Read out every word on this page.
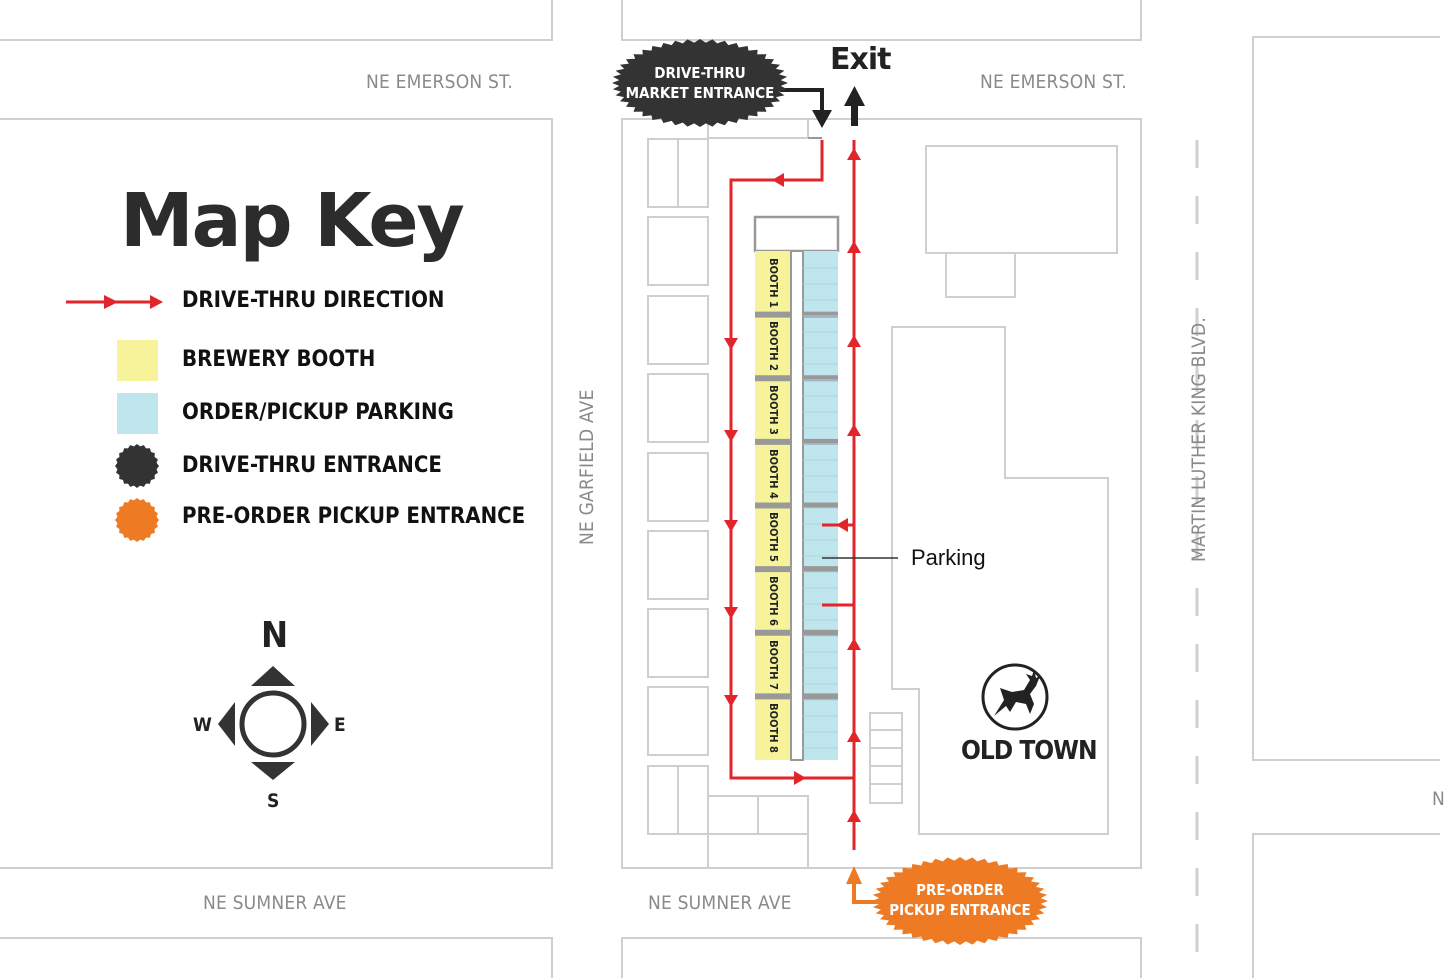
NE EMERSON ST.	NE EMERSON ST.
NE GARFIELD AVE	MARTIN LUTHER KING BLVD.
NE SUMNER AVE	NE SUMNER AVE
N
Exit
Parking
DRIVE-THRU
MARKET ENTRANCE
PRE-ORDER
PICKUP ENTRANCE
BOOTH 1
BOOTH 2
BOOTH 3
BOOTH 4
BOOTH 5
BOOTH 6
BOOTH 7
BOOTH 8	OLD TOWN
Map Key
DRIVE-THRU DIRECTION
BREWERY BOOTH
ORDER/PICKUP PARKING
DRIVE-THRU ENTRANCE
PRE-ORDER PICKUP ENTRANCE
N
S
E
W
